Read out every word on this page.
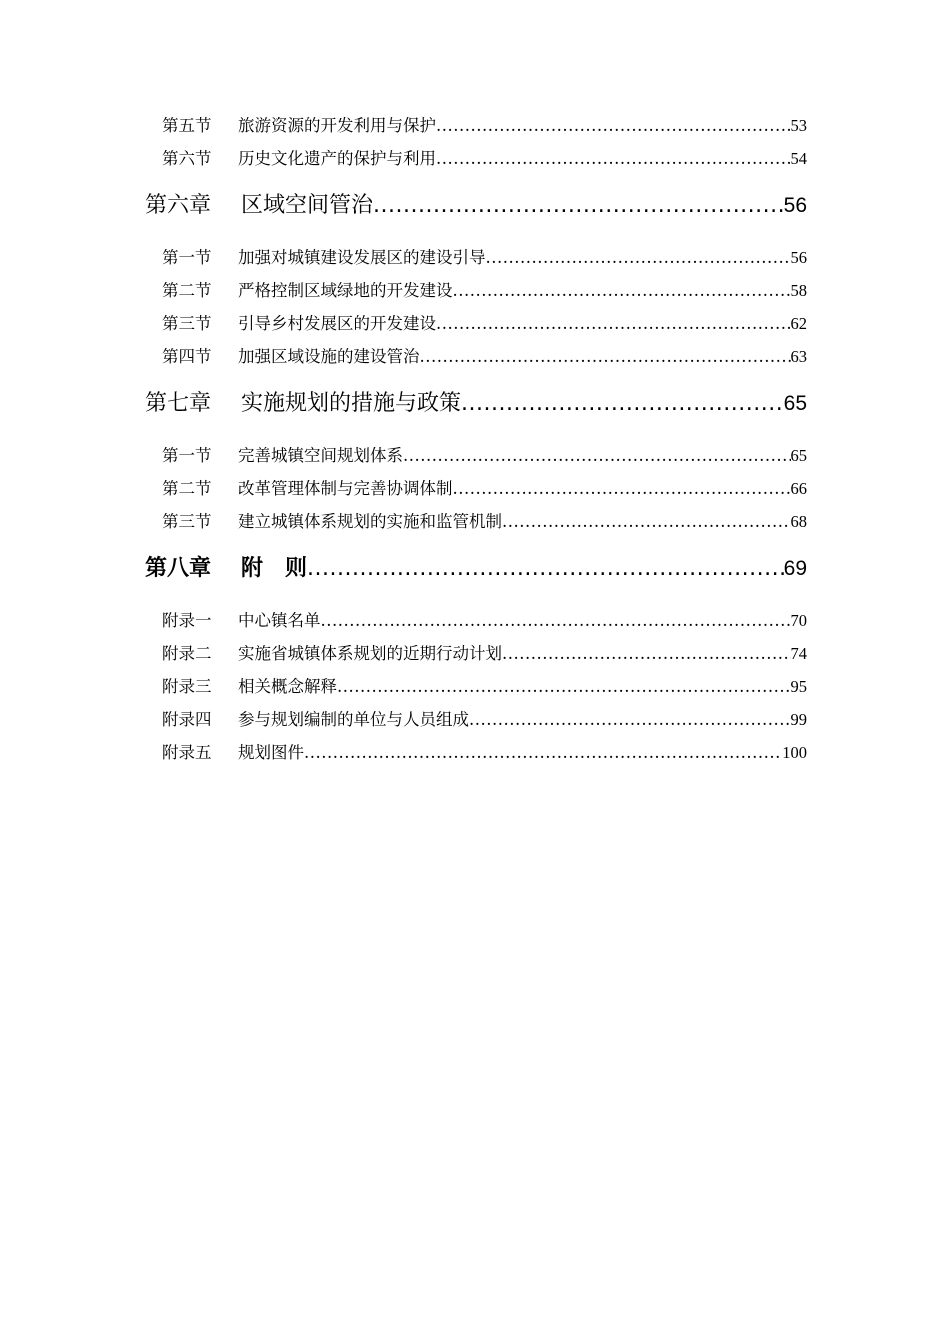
第五节	旅游资源的开发利用与保护 .....	53
第六节	历史文化遗产的保护与利用 .....	54
第六章	区域空间管治 .....	56
第一节	加强对城镇建设发展区的建设引导 .....	56
第二节	严格控制区域绿地的开发建设 .....	58
第三节	引导乡村发展区的开发建设 .....	62
第四节	加强区域设施的建设管治 .....	63
第七章	实施规划的措施与政策 .....	65
第一节	完善城镇空间规划体系 .....	65
第二节	改革管理体制与完善协调体制 .....	66
第三节	建立城镇体系规划的实施和监管机制 .....	68
第八章	附　则 .....	69
附录一	中心镇名单 .....	70
附录二	实施省城镇体系规划的近期行动计划 .....	74
附录三	相关概念解释 .....	95
附录四	参与规划编制的单位与人员组成 .....	99
附录五	规划图件 .....	100
